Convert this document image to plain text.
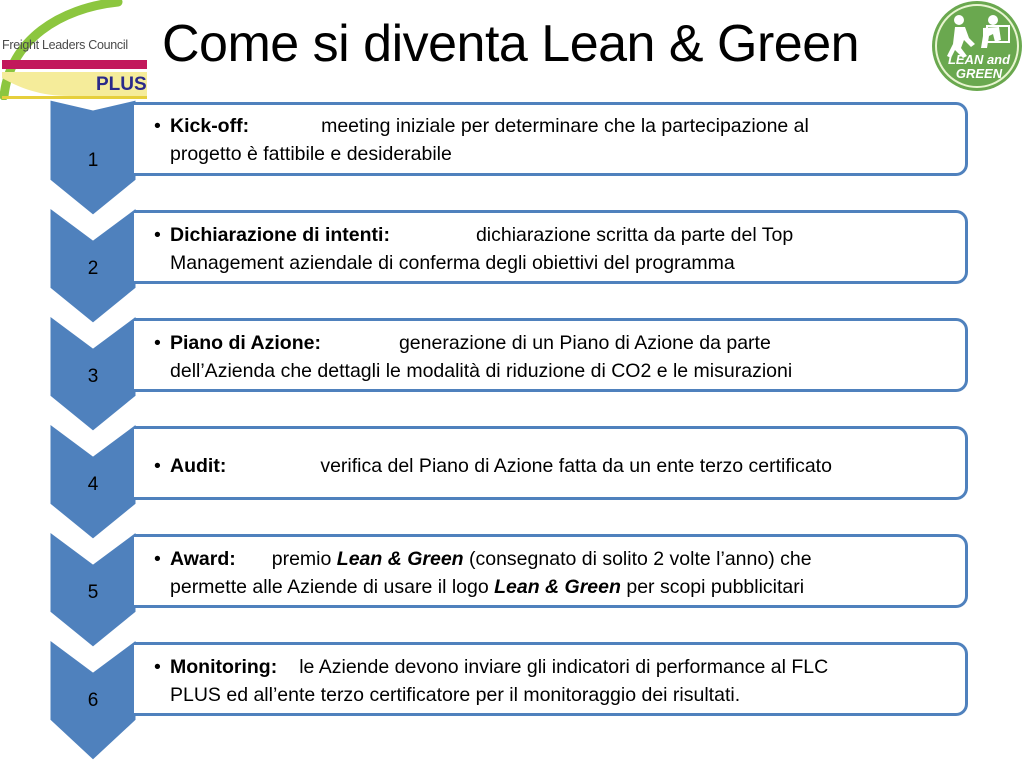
Freight Leaders Council
PLUS
Come si diventa Lean & Green	LEAN and
GREEN
1
2
3
4
5
6
• Kick-off:	meeting iniziale per determinare che la partecipazione al
progetto è fattibile e desiderabile
• Dichiarazione di intenti:	dichiarazione scritta da parte del Top
Management aziendale di conferma degli obiettivi del programma
• Piano di Azione:	generazione di un Piano di Azione da parte
dell’Azienda che dettagli le modalità di riduzione di CO2 e le misurazioni
• Audit:	verifica del Piano di Azione fatta da un ente terzo certificato
• Award: premio Lean & Green (consegnato di solito 2 volte l’anno) che
permette alle Aziende di usare il logo Lean & Green per scopi pubblicitari
• Monitoring: le Aziende devono inviare gli indicatori di performance al FLC
PLUS ed all’ente terzo certificatore per il monitoraggio dei risultati.
